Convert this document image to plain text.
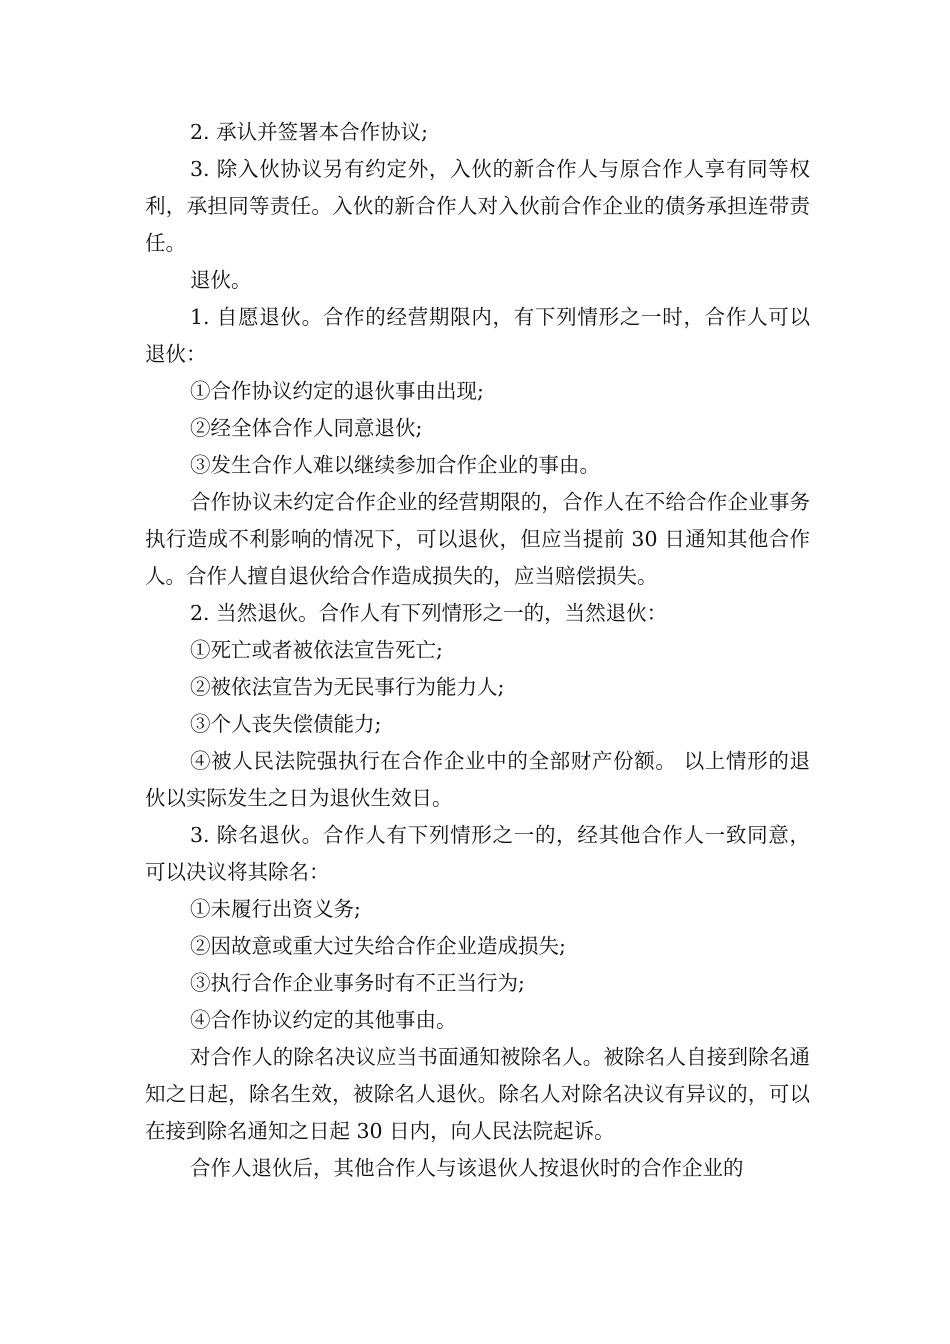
2. 承认并签署本合作协议;

3. 除入伙协议另有约定外，入伙的新合作人与原合作人享有同等权利，承担同等责任。入伙的新合作人对入伙前合作企业的债务承担连带责任。

退伙。

1. 自愿退伙。合作的经营期限内，有下列情形之一时，合作人可以退伙：

①合作协议约定的退伙事由出现;

②经全体合作人同意退伙;

③发生合作人难以继续参加合作企业的事由。

合作协议未约定合作企业的经营期限的，合作人在不给合作企业事务执行造成不利影响的情况下，可以退伙，但应当提前 30 日通知其他合作人。合作人擅自退伙给合作造成损失的，应当赔偿损失。

2. 当然退伙。合作人有下列情形之一的，当然退伙：

①死亡或者被依法宣告死亡;

②被依法宣告为无民事行为能力人;

③个人丧失偿债能力;

④被人民法院强执行在合作企业中的全部财产份额。 以上情形的退伙以实际发生之日为退伙生效日。

3. 除名退伙。合作人有下列情形之一的，经其他合作人一致同意，可以决议将其除名：

①未履行出资义务;

②因故意或重大过失给合作企业造成损失;

③执行合作企业事务时有不正当行为;

④合作协议约定的其他事由。

对合作人的除名决议应当书面通知被除名人。被除名人自接到除名通知之日起，除名生效，被除名人退伙。除名人对除名决议有异议的，可以在接到除名通知之日起 30 日内，向人民法院起诉。

合作人退伙后，其他合作人与该退伙人按退伙时的合作企业的
